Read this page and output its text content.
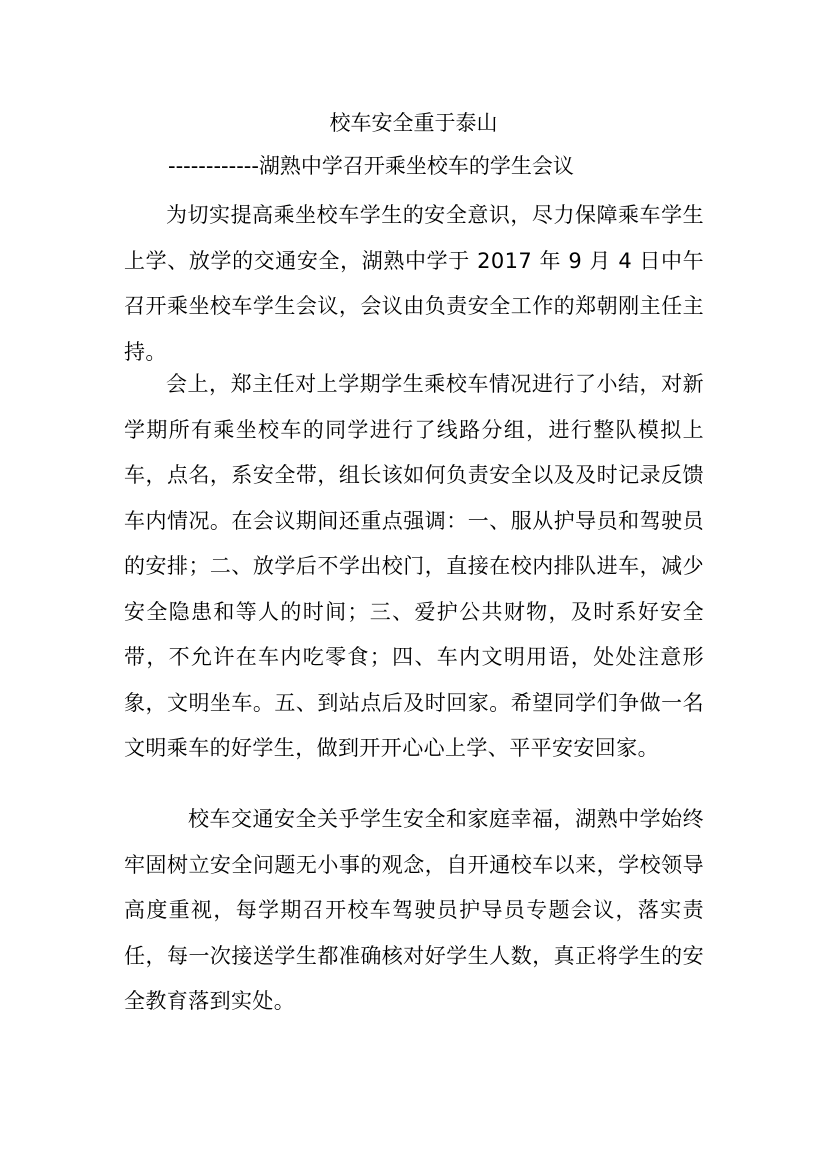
校车安全重于泰山
------------湖熟中学召开乘坐校车的学生会议
为切实提高乘坐校车学生的安全意识，尽力保障乘车学生上学、放学的交通安全，湖熟中学于 2017 年 9 月 4 日中午召开乘坐校车学生会议，会议由负责安全工作的郑朝刚主任主持。
会上，郑主任对上学期学生乘校车情况进行了小结，对新学期所有乘坐校车的同学进行了线路分组，进行整队模拟上车，点名，系安全带，组长该如何负责安全以及及时记录反馈车内情况。在会议期间还重点强调：一、服从护导员和驾驶员的安排；二、放学后不学出校门，直接在校内排队进车，减少安全隐患和等人的时间；三、爱护公共财物，及时系好安全带，不允许在车内吃零食；四、车内文明用语，处处注意形象，文明坐车。五、到站点后及时回家。希望同学们争做一名文明乘车的好学生，做到开开心心上学、平平安安回家。
校车交通安全关乎学生安全和家庭幸福，湖熟中学始终牢固树立安全问题无小事的观念，自开通校车以来，学校领导高度重视，每学期召开校车驾驶员护导员专题会议，落实责任，每一次接送学生都准确核对好学生人数，真正将学生的安全教育落到实处。
